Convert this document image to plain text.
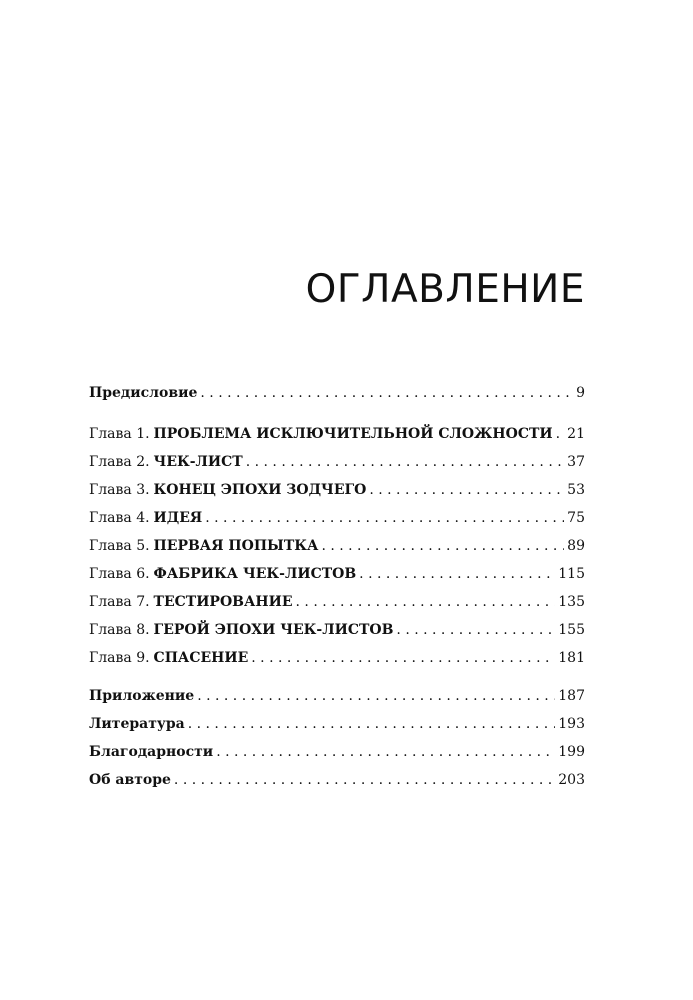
ОГЛАВЛЕНИЕ
Предисловие . . .	9
Глава 1. ПРОБЛЕМА ИСКЛЮЧИТЕЛЬНОЙ СЛОЖНОСТИ . . . 21
Глава 2. ЧЕК-ЛИСТ . . .	37
Глава 3. КОНЕЦ ЭПОХИ ЗОДЧЕГО . . .	53
Глава 4. ИДЕЯ . . .	75
Глава 5. ПЕРВАЯ ПОПЫТКА . . .	89
Глава 6. ФАБРИКА ЧЕК-ЛИСТОВ . . .	115
Глава 7. ТЕСТИРОВАНИЕ . . .	135
Глава 8. ГЕРОЙ ЭПОХИ ЧЕК-ЛИСТОВ . . .	155
Глава 9. СПАСЕНИЕ . . .	181
Приложение . . .	187
Литература . . .	193
Благодарности . . .	199
Об авторе . . .	203
